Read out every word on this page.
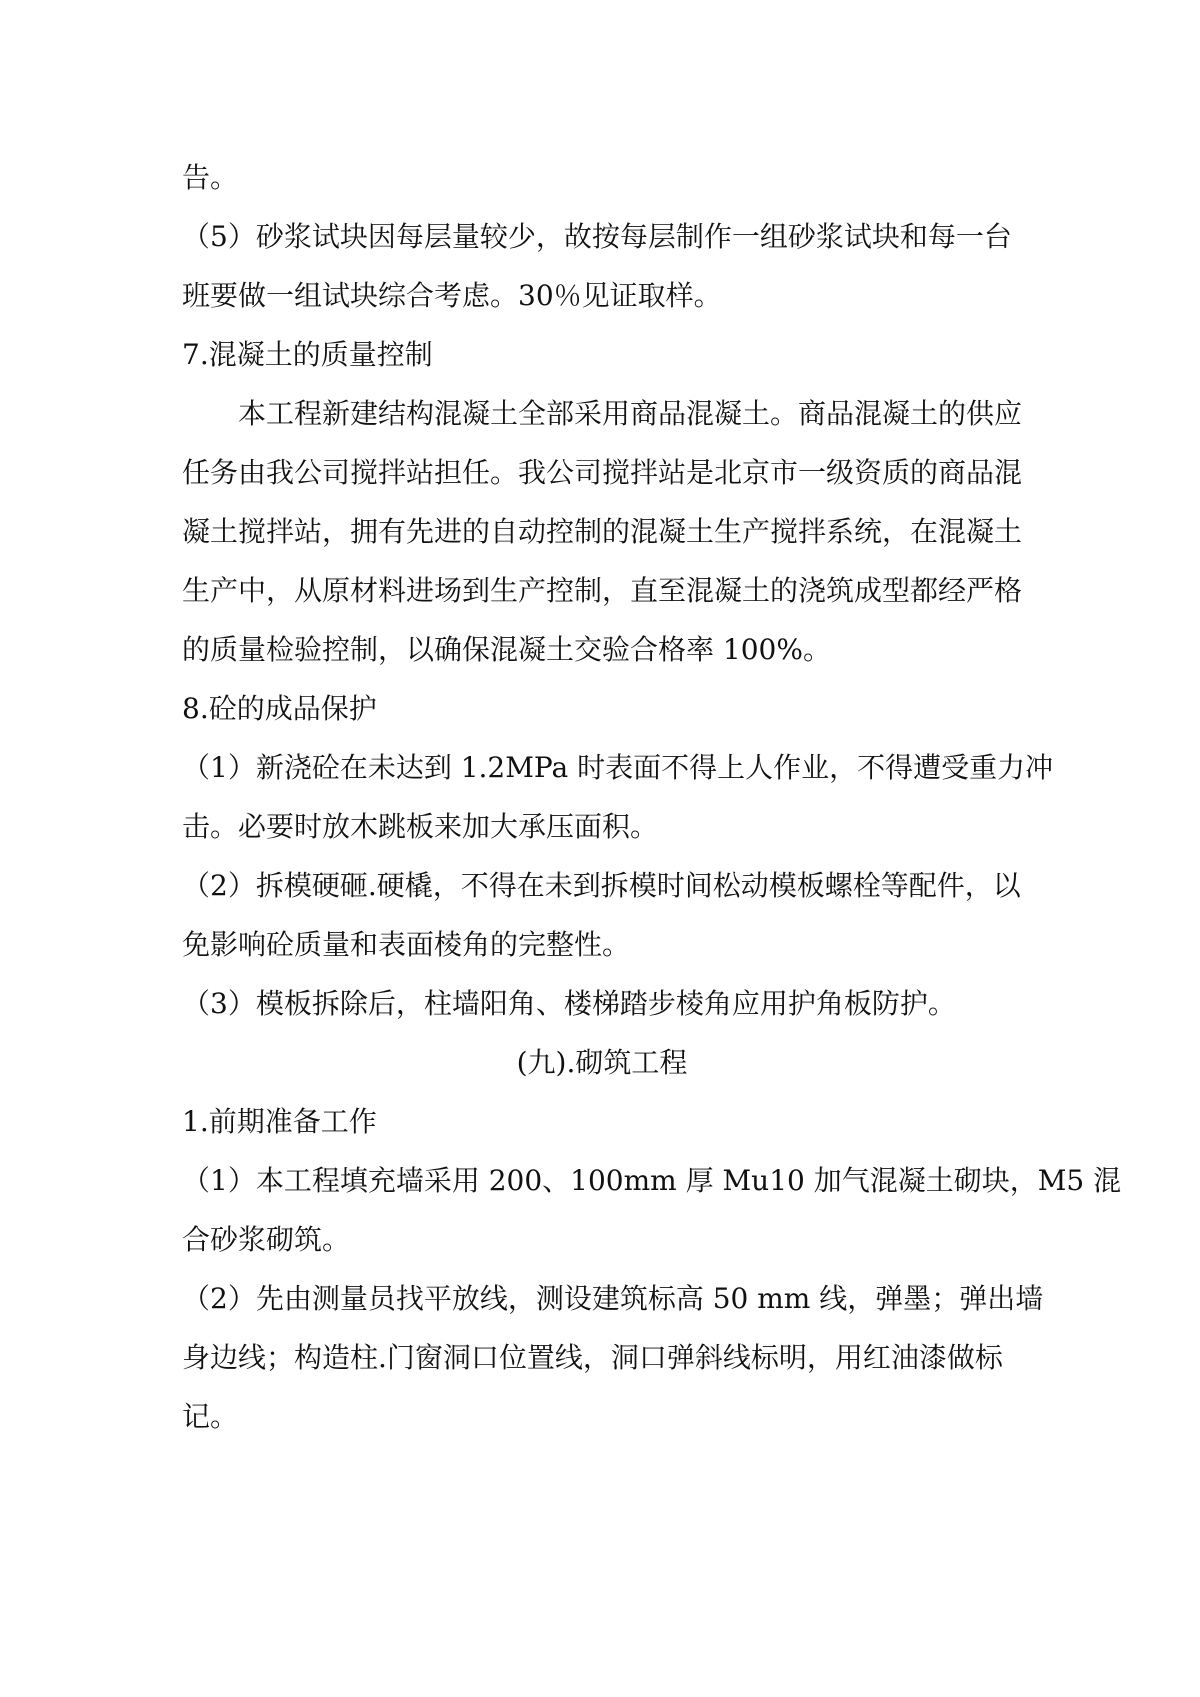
告。
（5）砂浆试块因每层量较少，故按每层制作一组砂浆试块和每一台
班要做一组试块综合考虑。30％见证取样。
7.混凝土的质量控制
本工程新建结构混凝土全部采用商品混凝土。商品混凝土的供应
任务由我公司搅拌站担任。我公司搅拌站是北京市一级资质的商品混
凝土搅拌站，拥有先进的自动控制的混凝土生产搅拌系统，在混凝土
生产中，从原材料进场到生产控制，直至混凝土的浇筑成型都经严格
的质量检验控制，以确保混凝土交验合格率 100%。
8.砼的成品保护
（1）新浇砼在未达到 1.2MPa 时表面不得上人作业，不得遭受重力冲
击。必要时放木跳板来加大承压面积。
（2）拆模硬砸.硬橇，不得在未到拆模时间松动模板螺栓等配件，以
免影响砼质量和表面棱角的完整性。
（3）模板拆除后，柱墙阳角、楼梯踏步棱角应用护角板防护。
(九).砌筑工程
1.前期准备工作
（1）本工程填充墙采用 200、100mm 厚 Mu10 加气混凝土砌块，M5 混
合砂浆砌筑。
（2）先由测量员找平放线，测设建筑标高 50 mm 线，弹墨；弹出墙
身边线；构造柱.门窗洞口位置线，洞口弹斜线标明，用红油漆做标
记。
